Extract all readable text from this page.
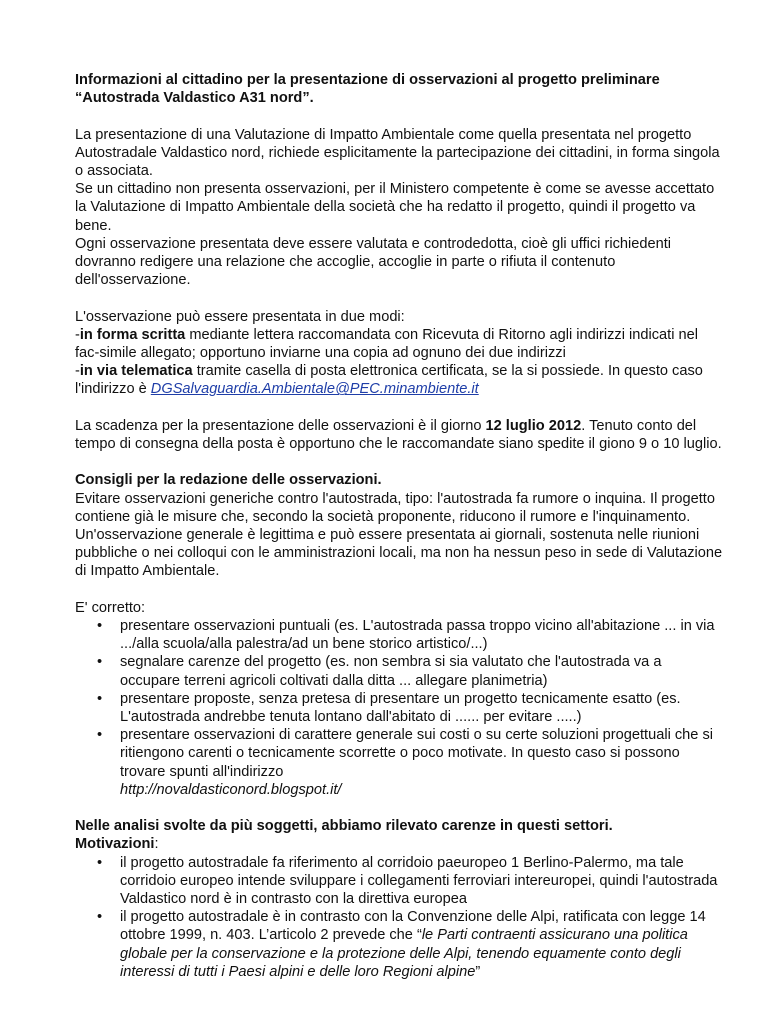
Informazioni al cittadino per la presentazione di osservazioni al progetto preliminare
“Autostrada Valdastico A31 nord”.

La presentazione di una Valutazione di Impatto Ambientale come quella presentata nel progetto Autostradale Valdastico nord, richiede esplicitamente la partecipazione dei cittadini, in forma singola o associata.

Se un cittadino non presenta osservazioni, per il Ministero competente è come se avesse accettato la Valutazione di Impatto Ambientale della società che ha redatto il progetto, quindi il progetto va bene.

Ogni osservazione presentata deve essere valutata e controdedotta, cioè gli uffici richiedenti dovranno redigere una relazione che accoglie, accoglie in parte o rifiuta il contenuto dell'osservazione.

L'osservazione può essere presentata in due modi:

-in forma scritta mediante lettera raccomandata con Ricevuta di Ritorno agli indirizzi indicati nel fac-simile allegato; opportuno inviarne una copia ad ognuno dei due indirizzi

-in via telematica tramite casella di posta elettronica certificata, se la si possiede. In questo caso l'indirizzo è DGSalvaguardia.Ambientale@PEC.minambiente.it

La scadenza per la presentazione delle osservazioni è il giorno 12 luglio 2012. Tenuto conto del tempo di consegna della posta è opportuno che le raccomandate siano spedite il giono 9 o 10 luglio.

Consigli per la redazione delle osservazioni.

Evitare osservazioni generiche contro l'autostrada, tipo: l'autostrada fa rumore o inquina. Il progetto contiene già le misure che, secondo la società proponente, riducono il rumore e l'inquinamento. Un'osservazione generale è legittima e può essere presentata ai giornali, sostenuta nelle riunioni pubbliche o nei colloqui con le amministrazioni locali, ma non ha nessun peso in sede di Valutazione di Impatto Ambientale.

E' corretto:

• presentare osservazioni puntuali (es. L'autostrada passa troppo vicino all'abitazione ... in via .../alla scuola/alla palestra/ad un bene storico artistico/...)
• segnalare carenze del progetto (es. non sembra si sia valutato che l'autostrada va a occupare terreni agricoli coltivati dalla ditta ... allegare planimetria)
• presentare proposte, senza pretesa di presentare un progetto tecnicamente esatto (es. L'autostrada andrebbe tenuta lontano dall'abitato di ...... per evitare .....)
• presentare osservazioni di carattere generale sui costi o su certe soluzioni progettuali che si ritiengono carenti o tecnicamente scorrette o poco motivate. In questo caso si possono trovare spunti all'indirizzo
http://novaldasticonord.blogspot.it/

Nelle analisi svolte da più soggetti, abbiamo rilevato carenze in questi settori.

Motivazioni:

• il progetto autostradale fa riferimento al corridoio paeuropeo 1 Berlino-Palermo, ma tale corridoio europeo intende sviluppare i collegamenti ferroviari intereuropei, quindi l'autostrada Valdastico nord è in contrasto con la direttiva europea
• il progetto autostradale è in contrasto con la Convenzione delle Alpi, ratificata con legge 14 ottobre 1999, n. 403. L’articolo 2 prevede che “le Parti contraenti assicurano una politica globale per la conservazione e la protezione delle Alpi, tenendo equamente conto degli interessi di tutti i Paesi alpini e delle loro Regioni alpine”
